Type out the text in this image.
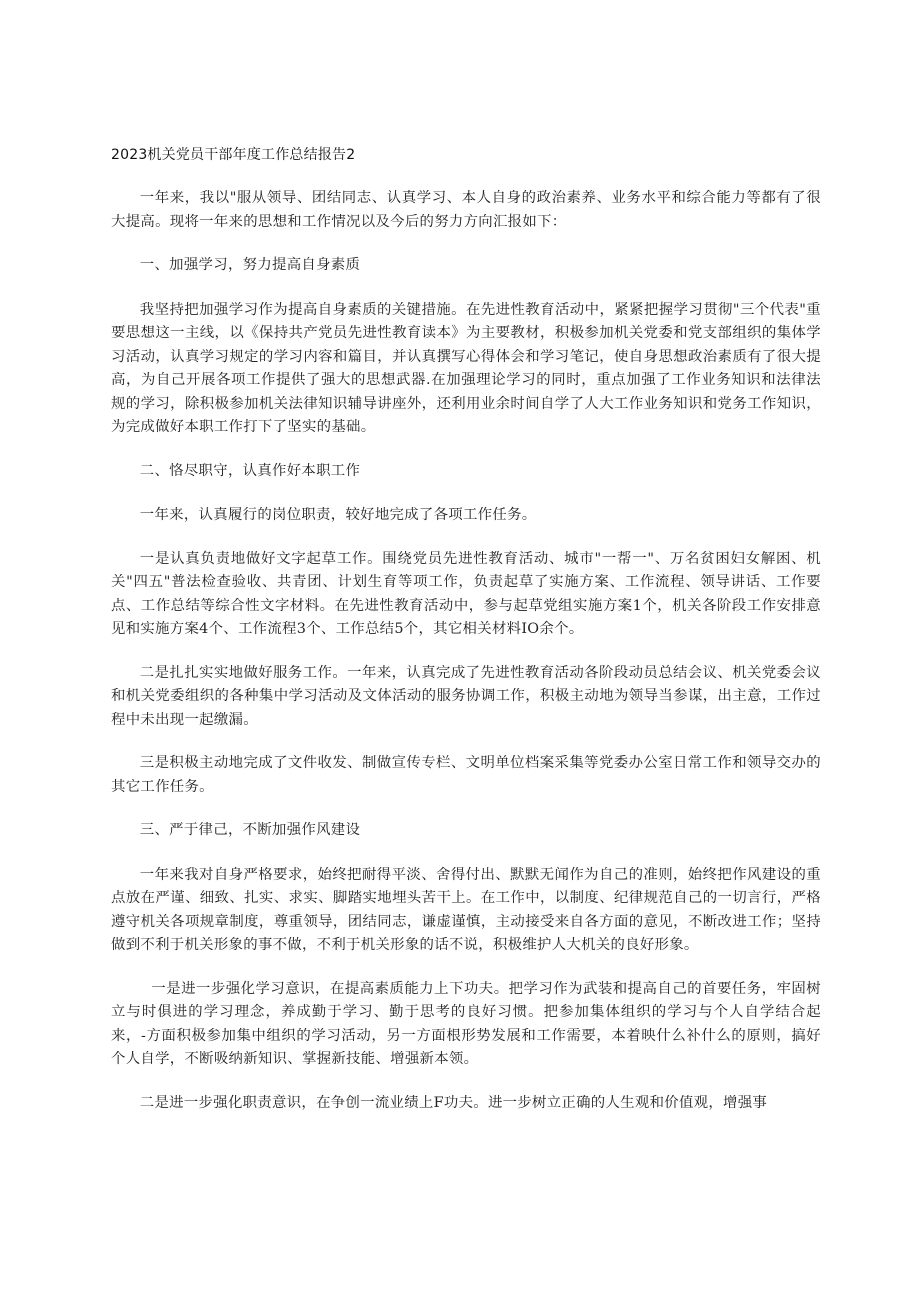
2023机关党员干部年度工作总结报告2

一年来，我以"服从领导、团结同志、认真学习、本人自身的政治素养、业务水平和综合能力等都有了很大提高。现将一年来的思想和工作情况以及今后的努力方向汇报如下：

一、加强学习，努力提高自身素质

我坚持把加强学习作为提高自身素质的关键措施。在先进性教育活动中，紧紧把握学习贯彻"三个代表"重要思想这一主线，以《保持共产党员先进性教育读本》为主要教材，积极参加机关党委和党支部组织的集体学习活动，认真学习规定的学习内容和篇目，并认真撰写心得体会和学习笔记，使自身思想政治素质有了很大提高，为自己开展各项工作提供了强大的思想武器.在加强理论学习的同时，重点加强了工作业务知识和法律法规的学习，除积极参加机关法律知识辅导讲座外，还利用业余时间自学了人大工作业务知识和党务工作知识，为完成做好本职工作打下了坚实的基础。

二、恪尽职守，认真作好本职工作

一年来，认真履行的岗位职责，较好地完成了各项工作任务。

一是认真负责地做好文字起草工作。围绕党员先进性教育活动、城市"一帮一"、万名贫困妇女解困、机关"四五"普法检查验收、共青团、计划生育等项工作，负责起草了实施方案、工作流程、领导讲话、工作要点、工作总结等综合性文字材料。在先进性教育活动中，参与起草党组实施方案1个，机关各阶段工作安排意见和实施方案4个、工作流程3个、工作总结5个，其它相关材料IO余个。

二是扎扎实实地做好服务工作。一年来，认真完成了先进性教育活动各阶段动员总结会议、机关党委会议和机关党委组织的各种集中学习活动及文体活动的服务协调工作，积极主动地为领导当参谋，出主意，工作过程中未出现一起缴漏。

三是积极主动地完成了文件收发、制做宣传专栏、文明单位档案采集等党委办公室日常工作和领导交办的其它工作任务。

三、严于律己，不断加强作风建设

一年来我对自身严格要求，始终把耐得平淡、舍得付出、默默无闻作为自己的准则，始终把作风建设的重点放在严谨、细致、扎实、求实、脚踏实地埋头苦干上。在工作中，以制度、纪律规范自己的一切言行，严格遵守机关各项规章制度，尊重领导，团结同志，谦虚谨慎，主动接受来自各方面的意见，不断改进工作；坚持做到不利于机关形象的事不做，不利于机关形象的话不说，积极维护人大机关的良好形象。

一是进一步强化学习意识，在提高素质能力上下功夫。把学习作为武装和提高自己的首要任务，牢固树立与时俱进的学习理念，养成勤于学习、勤于思考的良好习惯。把参加集体组织的学习与个人自学结合起来，-方面积极参加集中组织的学习活动，另一方面根形势发展和工作需要，本着映什么补什么的原则，搞好个人自学，不断吸纳新知识、掌握新技能、增强新本领。

二是进一步强化职责意识，在争创一流业绩上F功夫。进一步树立正确的人生观和价值观，增强事
